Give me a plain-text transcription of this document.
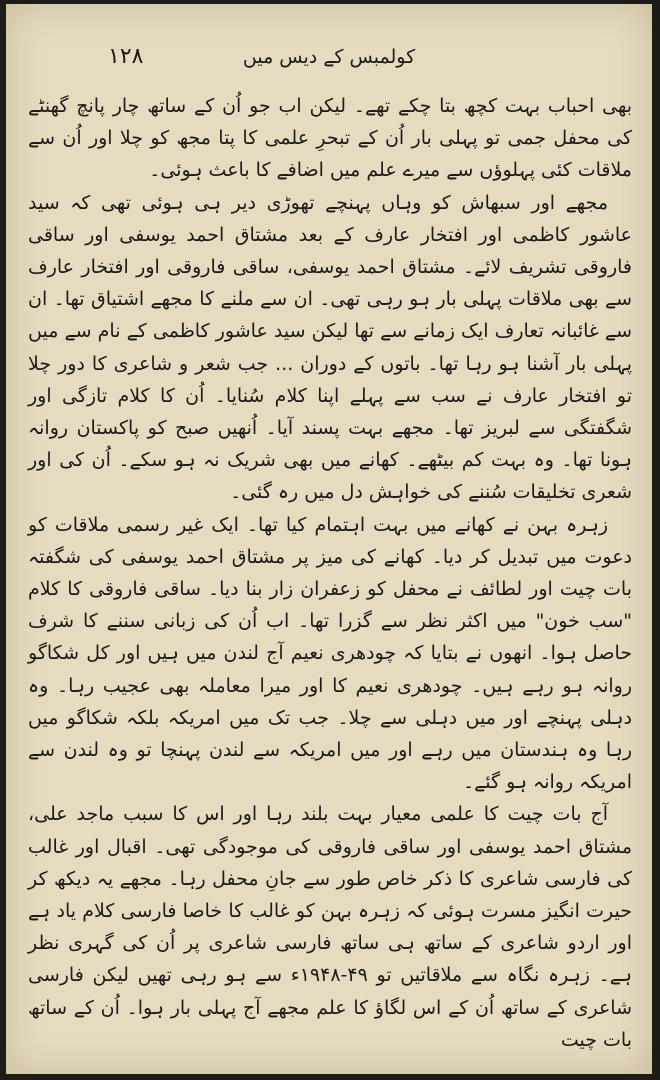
۱۲۸	کولمبس کے دیس میں

بھی احباب بہت کچھ بتا چکے تھے۔ لیکن اب جو اُن کے ساتھ چار پانچ گھنٹے کی محفل جمی تو پہلی بار اُن کے تبحرِ علمی کا پتا مجھ کو چلا اور اُن سے ملاقات کئی پہلوؤں سے میرے علم میں اضافے کا باعث ہوئی۔

مجھے اور سبھاش کو وہاں پہنچے تھوڑی دیر ہی ہوئی تھی کہ سید عاشور کاظمی اور افتخار عارف کے بعد مشتاق احمد یوسفی اور ساقی فاروقی تشریف لائے۔ مشتاق احمد یوسفی، ساقی فاروقی اور افتخار عارف سے بھی ملاقات پہلی بار ہو رہی تھی۔ ان سے ملنے کا مجھے اشتیاق تھا۔ ان سے غائبانہ تعارف ایک زمانے سے تھا لیکن سید عاشور کاظمی کے نام سے میں پہلی بار آشنا ہو رہا تھا۔ باتوں کے دوران ... جب شعر و شاعری کا دور چلا تو افتخار عارف نے سب سے پہلے اپنا کلام سُنایا۔ اُن کا کلام تازگی اور شگفتگی سے لبریز تھا۔ مجھے بہت پسند آیا۔ اُنھیں صبح کو پاکستان روانہ ہونا تھا۔ وہ بہت کم بیٹھے۔ کھانے میں بھی شریک نہ ہو سکے۔ اُن کی اور شعری تخلیقات سُننے کی خواہش دل میں رہ گئی۔

زہرہ بہن نے کھانے میں بہت اہتمام کیا تھا۔ ایک غیر رسمی ملاقات کو دعوت میں تبدیل کر دیا۔ کھانے کی میز پر مشتاق احمد یوسفی کی شگفتہ بات چیت اور لطائف نے محفل کو زعفران زار بنا دیا۔ ساقی فاروقی کا کلام "سب خون" میں اکثر نظر سے گزرا تھا۔ اب اُن کی زبانی سننے کا شرف حاصل ہوا۔ انھوں نے بتایا کہ چودھری نعیم آج لندن میں ہیں اور کل شکاگو روانہ ہو رہے ہیں۔ چودھری نعیم کا اور میرا معاملہ بھی عجیب رہا۔ وہ دہلی پہنچے اور میں دہلی سے چلا۔ جب تک میں امریکہ بلکہ شکاگو میں رہا وہ ہندستان میں رہے اور میں امریکہ سے لندن پہنچا تو وہ لندن سے امریکہ روانہ ہو گئے۔

آج بات چیت کا علمی معیار بہت بلند رہا اور اس کا سبب ماجد علی، مشتاق احمد یوسفی اور ساقی فاروقی کی موجودگی تھی۔ اقبال اور غالب کی فارسی شاعری کا ذکر خاص طور سے جانِ محفل رہا۔ مجھے یہ دیکھ کر حیرت انگیز مسرت ہوئی کہ زہرہ بہن کو غالب کا خاصا فارسی کلام یاد ہے اور اردو شاعری کے ساتھ ہی ساتھ فارسی شاعری پر اُن کی گہری نظر ہے۔ زہرہ نگاہ سے ملاقاتیں تو ۴۹-۱۹۴۸ء سے ہو رہی تھیں لیکن فارسی شاعری کے ساتھ اُن کے اس لگاؤ کا علم مجھے آج پہلی بار ہوا۔ اُن کے ساتھ بات چیت
